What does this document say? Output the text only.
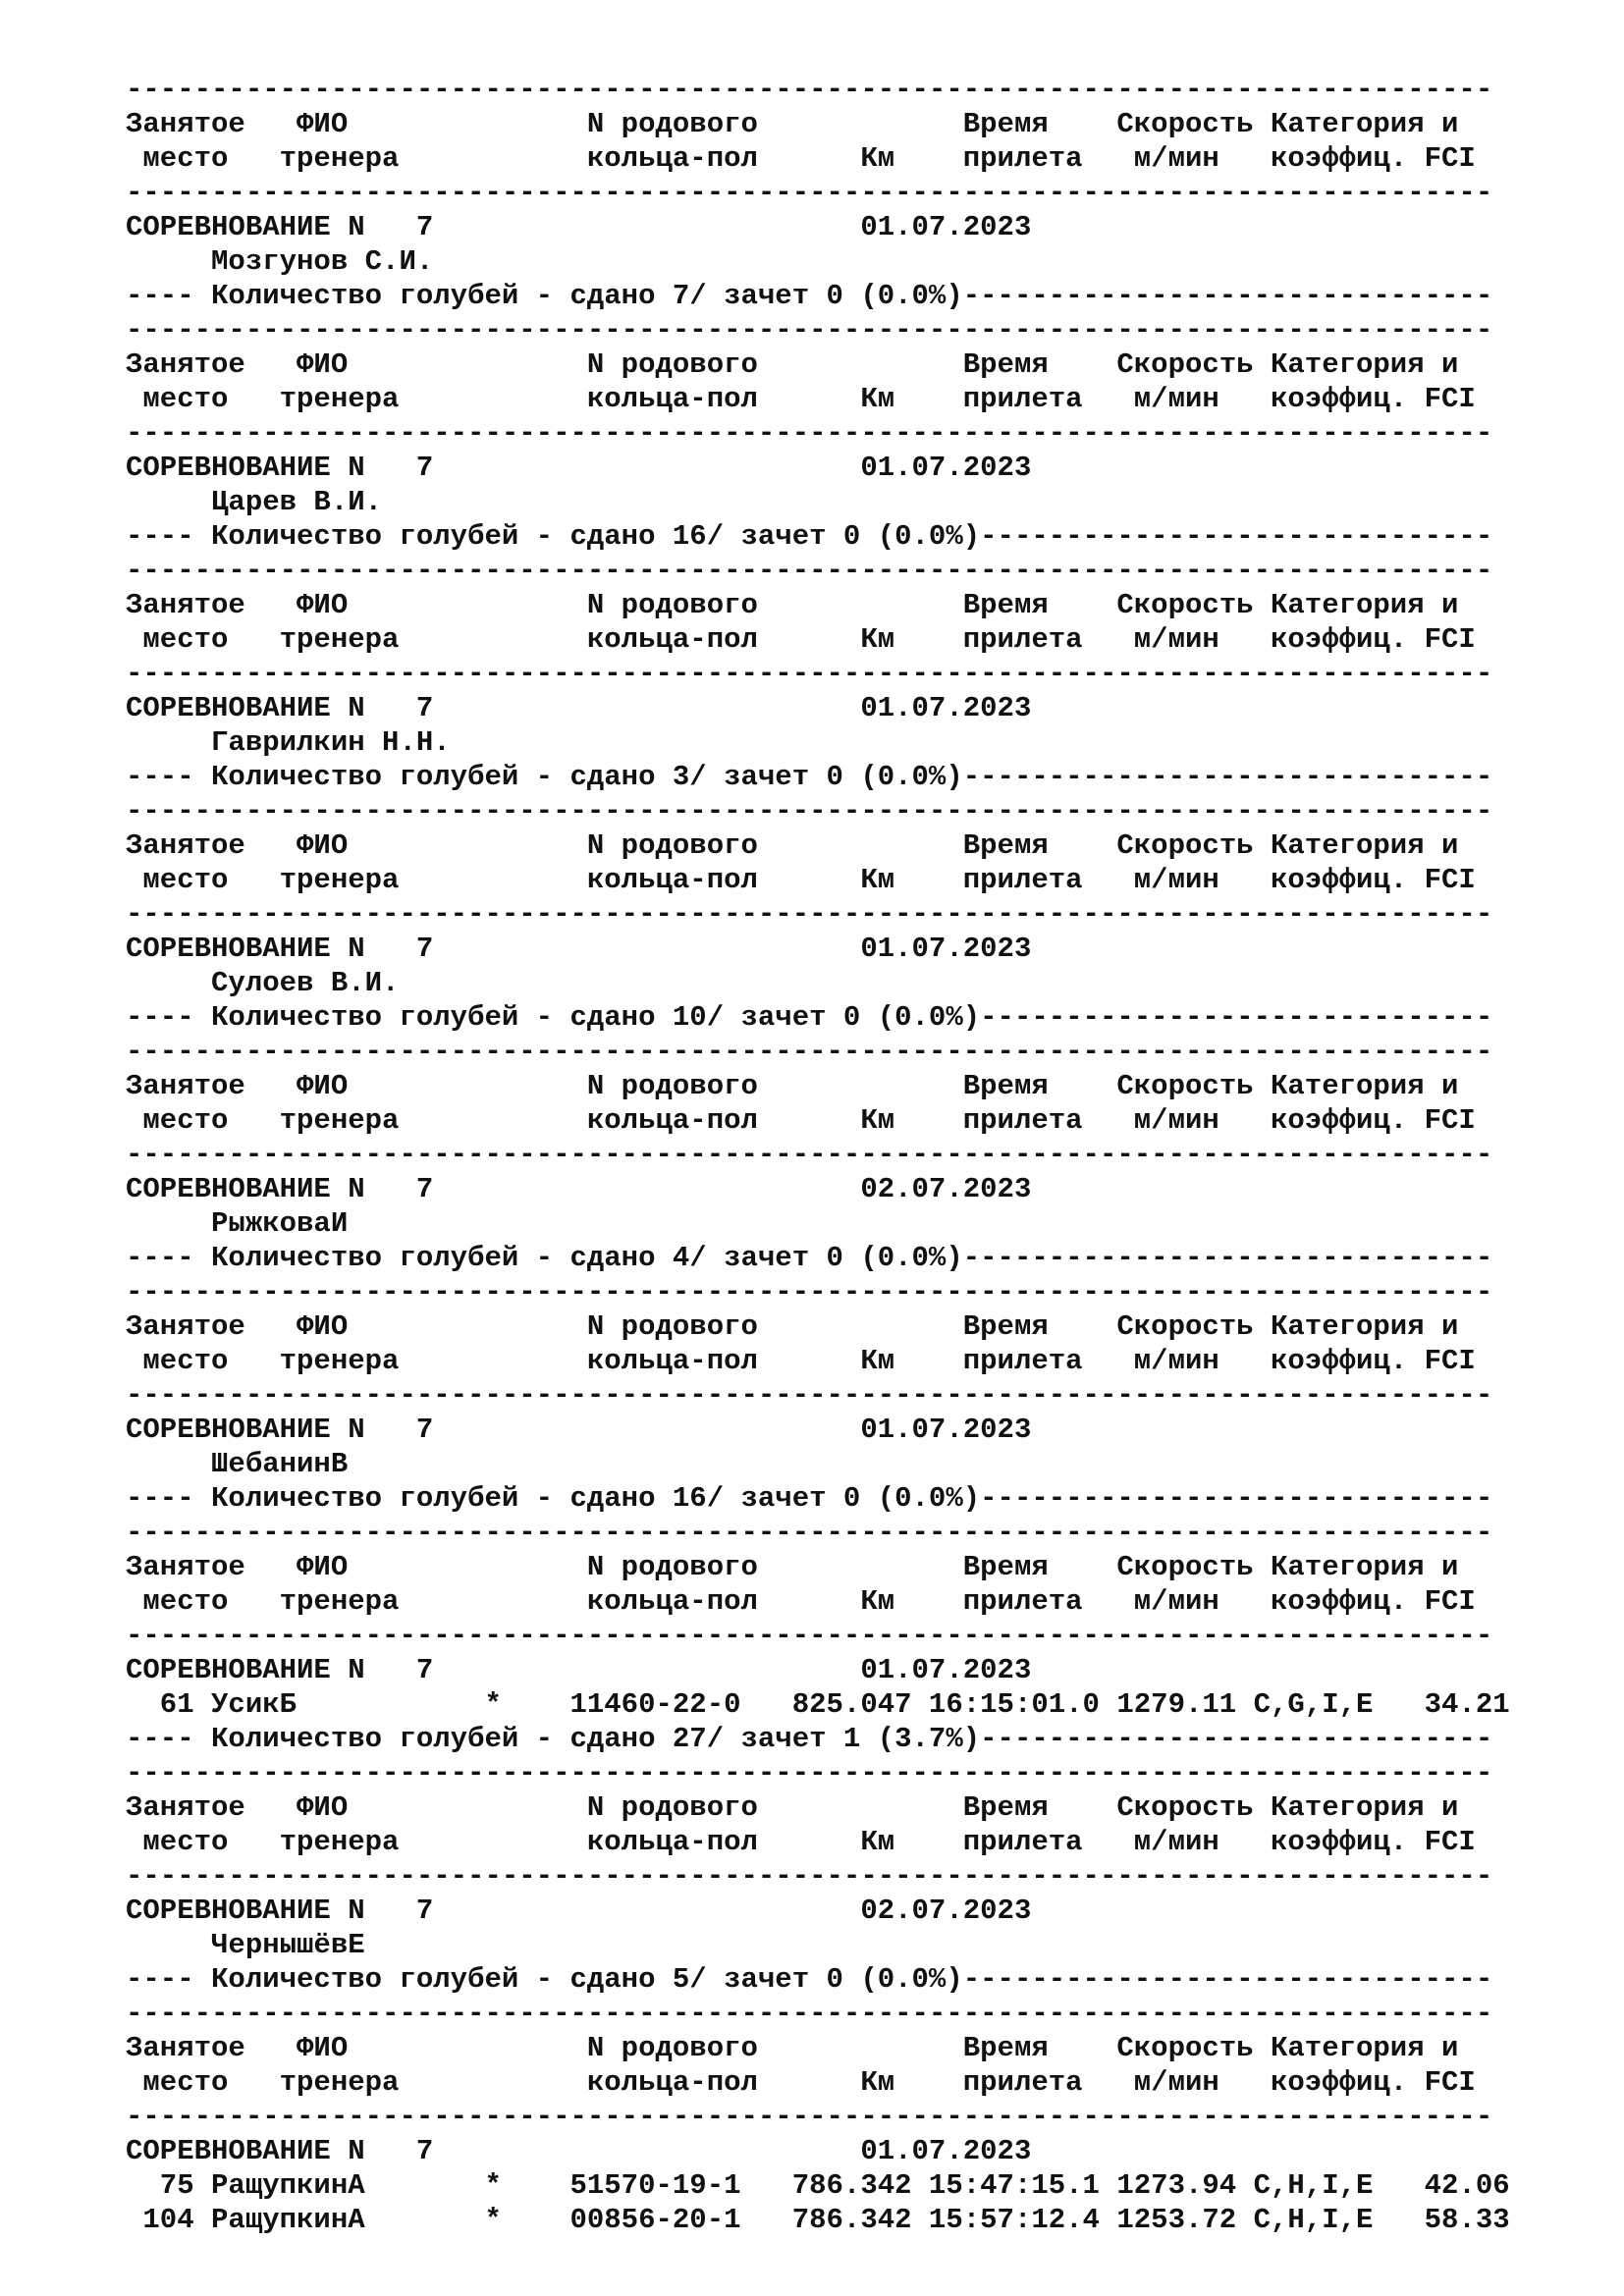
--------------------------------------------------------------------------------
Занятое   ФИО              N родового            Время    Скорость Категория и
место   тренера           кольца-пол      Км    прилета   м/мин   коэффиц. FCI
--------------------------------------------------------------------------------
СОРЕВНОВАНИЕ N   7                         01.07.2023
Мозгунов С.И.
---- Количество голубей - сдано 7/ зачет 0 (0.0%)-------------------------------
--------------------------------------------------------------------------------
Занятое   ФИО              N родового            Время    Скорость Категория и
место   тренера           кольца-пол      Км    прилета   м/мин   коэффиц. FCI
--------------------------------------------------------------------------------
СОРЕВНОВАНИЕ N   7                         01.07.2023
Царев В.И.
---- Количество голубей - сдано 16/ зачет 0 (0.0%)------------------------------
--------------------------------------------------------------------------------
Занятое   ФИО              N родового            Время    Скорость Категория и
место   тренера           кольца-пол      Км    прилета   м/мин   коэффиц. FCI
--------------------------------------------------------------------------------
СОРЕВНОВАНИЕ N   7                         01.07.2023
Гаврилкин Н.Н.
---- Количество голубей - сдано 3/ зачет 0 (0.0%)-------------------------------
--------------------------------------------------------------------------------
Занятое   ФИО              N родового            Время    Скорость Категория и
место   тренера           кольца-пол      Км    прилета   м/мин   коэффиц. FCI
--------------------------------------------------------------------------------
СОРЕВНОВАНИЕ N   7                         01.07.2023
Сулоев В.И.
---- Количество голубей - сдано 10/ зачет 0 (0.0%)------------------------------
--------------------------------------------------------------------------------
Занятое   ФИО              N родового            Время    Скорость Категория и
место   тренера           кольца-пол      Км    прилета   м/мин   коэффиц. FCI
--------------------------------------------------------------------------------
СОРЕВНОВАНИЕ N   7                         02.07.2023
РыжковаИ
---- Количество голубей - сдано 4/ зачет 0 (0.0%)-------------------------------
--------------------------------------------------------------------------------
Занятое   ФИО              N родового            Время    Скорость Категория и
место   тренера           кольца-пол      Км    прилета   м/мин   коэффиц. FCI
--------------------------------------------------------------------------------
СОРЕВНОВАНИЕ N   7                         01.07.2023
ШебанинВ
---- Количество голубей - сдано 16/ зачет 0 (0.0%)------------------------------
--------------------------------------------------------------------------------
Занятое   ФИО              N родового            Время    Скорость Категория и
место   тренера           кольца-пол      Км    прилета   м/мин   коэффиц. FCI
--------------------------------------------------------------------------------
СОРЕВНОВАНИЕ N   7                         01.07.2023
61 УсикБ           *    11460-22-0   825.047 16:15:01.0 1279.11 C,G,I,E   34.21
---- Количество голубей - сдано 27/ зачет 1 (3.7%)------------------------------
--------------------------------------------------------------------------------
Занятое   ФИО              N родового            Время    Скорость Категория и
место   тренера           кольца-пол      Км    прилета   м/мин   коэффиц. FCI
--------------------------------------------------------------------------------
СОРЕВНОВАНИЕ N   7                         02.07.2023
ЧернышёвЕ
---- Количество голубей - сдано 5/ зачет 0 (0.0%)-------------------------------
--------------------------------------------------------------------------------
Занятое   ФИО              N родового            Время    Скорость Категория и
место   тренера           кольца-пол      Км    прилета   м/мин   коэффиц. FCI
--------------------------------------------------------------------------------
СОРЕВНОВАНИЕ N   7                         01.07.2023
75 РащупкинА       *    51570-19-1   786.342 15:47:15.1 1273.94 C,H,I,E   42.06
104 РащупкинА       *    00856-20-1   786.342 15:57:12.4 1253.72 C,H,I,E   58.33
